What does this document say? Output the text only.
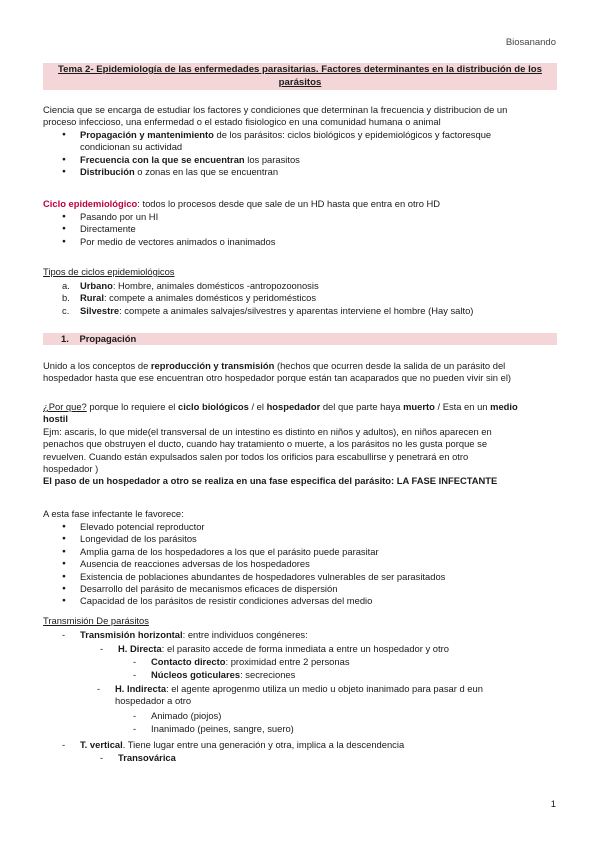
Biosanando
Tema 2- Epidemiología de las enfermedades parasitarias. Factores determinantes en la distribución de los
parásitos
Ciencia que se encarga de estudiar los factores y condiciones que determinan la frecuencia y distribucion de un
proceso infeccioso, una enfermedad o el estado fisiologico en una comunidad humana o animal
● Propagación y mantenimiento de los parásitos: ciclos biológicos y epidemiológicos y factoresque
condicionan su actividad
● Frecuencia con la que se encuentran los parasitos
● Distribución o zonas en las que se encuentran
Ciclo epidemiológico: todos lo procesos desde que sale de un HD hasta que entra en otro HD
● Pasando por un HI
● Directamente
● Por medio de vectores animados o inanimados
Tipos de ciclos epidemiológicos
a. Urbano: Hombre, animales domésticos -antropozoonosis
b. Rural: compete a animales domésticos y peridomésticos
c. Silvestre: compete a animales salvajes/silvestres y aparentas interviene el hombre (Hay salto)
1. Propagación
Unido a los conceptos de reproducción y transmisión (hechos que ocurren desde la salida de un parásito del
hospedador hasta que ese encuentran otro hospedador porque están tan acaparados que no pueden vivir sin el)
¿Por que? porque lo requiere el ciclo biológicos / el hospedador del que parte haya muerto / Esta en un medio
hostil
Ejm: ascaris, lo que mide(el transversal de un intestino es distinto en niños y adultos), en niños aparecen en
penachos que obstruyen el ducto, cuando hay tratamiento o muerte, a los parásitos no les gusta porque se
revuelven. Cuando están expulsados salen por todos los orificios para escabullirse y penetrará en otro
hospedador )
El paso de un hospedador a otro se realiza en una fase especifica del parásito: LA FASE INFECTANTE
A esta fase infectante le favorece:
● Elevado potencial reproductor
● Longevidad de los parásitos
● Amplia gama de los hospedadores a los que el parásito puede parasitar
● Ausencia de reacciones adversas de los hospedadores
● Existencia de poblaciones abundantes de hospedadores vulnerables de ser parasitados
● Desarrollo del parásito de mecanismos eficaces de dispersión
● Capacidad de los parásitos de resistir condiciones adversas del medio
Transmisión De parásitos
Transmisión horizontal: entre individuos congéneres:
H. Directa: el parasito accede de forma inmediata a entre un hospedador y otro
Contacto directo: proximidad entre 2 personas
Núcleos goticulares: secreciones
H. Indirecta: el agente aprogenmo utiliza un medio u objeto inanimado para pasar d eun
hospedador a otro
Animado (piojos)
Inanimado (peines, sangre, suero)
T. vertical. Tiene lugar entre una generación y otra, implica a la descendencia
Transovárica
1
